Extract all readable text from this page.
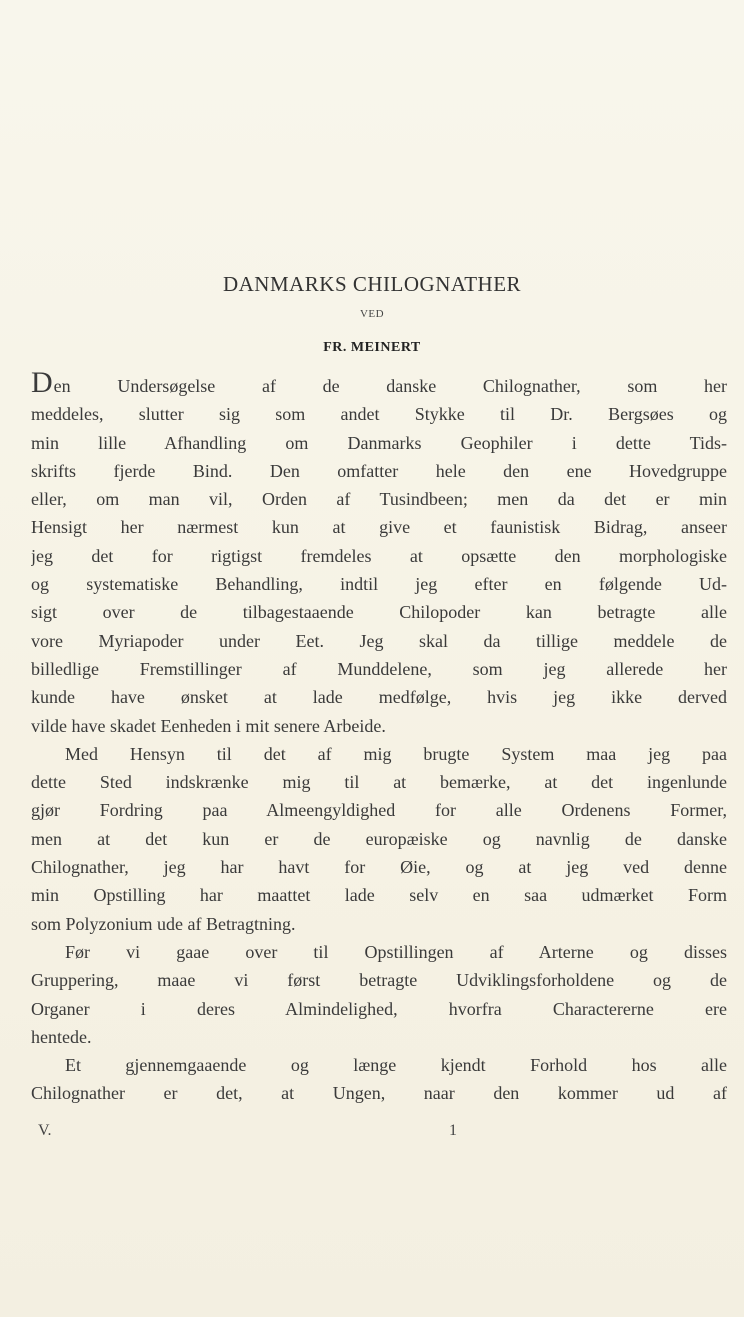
DANMARKS CHILOGNATHER
VED
FR. MEINERT
Den Undersøgelse af de danske Chilognather, som her
meddeles, slutter sig som andet Stykke til Dr. Bergsøes og
min lille Afhandling om Danmarks Geophiler i dette Tids-
skrifts fjerde Bind. Den omfatter hele den ene Hovedgruppe
eller, om man vil, Orden af Tusindbeen; men da det er min
Hensigt her nærmest kun at give et faunistisk Bidrag, anseer
jeg det for rigtigst fremdeles at opsætte den morphologiske
og systematiske Behandling, indtil jeg efter en følgende Ud-
sigt over de tilbagestaaende Chilopoder kan betragte alle
vore Myriapoder under Eet. Jeg skal da tillige meddele de
billedlige Fremstillinger af Munddelene, som jeg allerede her
kunde have ønsket at lade medfølge, hvis jeg ikke derved
vilde have skadet Eenheden i mit senere Arbeide.
Med Hensyn til det af mig brugte System maa jeg paa
dette Sted indskrænke mig til at bemærke, at det ingenlunde
gjør Fordring paa Almeengyldighed for alle Ordenens Former,
men at det kun er de europæiske og navnlig de danske
Chilognather, jeg har havt for Øie, og at jeg ved denne
min Opstilling har maattet lade selv en saa udmærket Form
som Polyzonium ude af Betragtning.
Før vi gaae over til Opstillingen af Arterne og disses
Gruppering, maae vi først betragte Udviklingsforholdene og de
Organer i deres Almindelighed, hvorfra Charactererne ere
hentede.
Et gjennemgaaende og længe kjendt Forhold hos alle
Chilognather er det, at Ungen, naar den kommer ud af
V.	1
